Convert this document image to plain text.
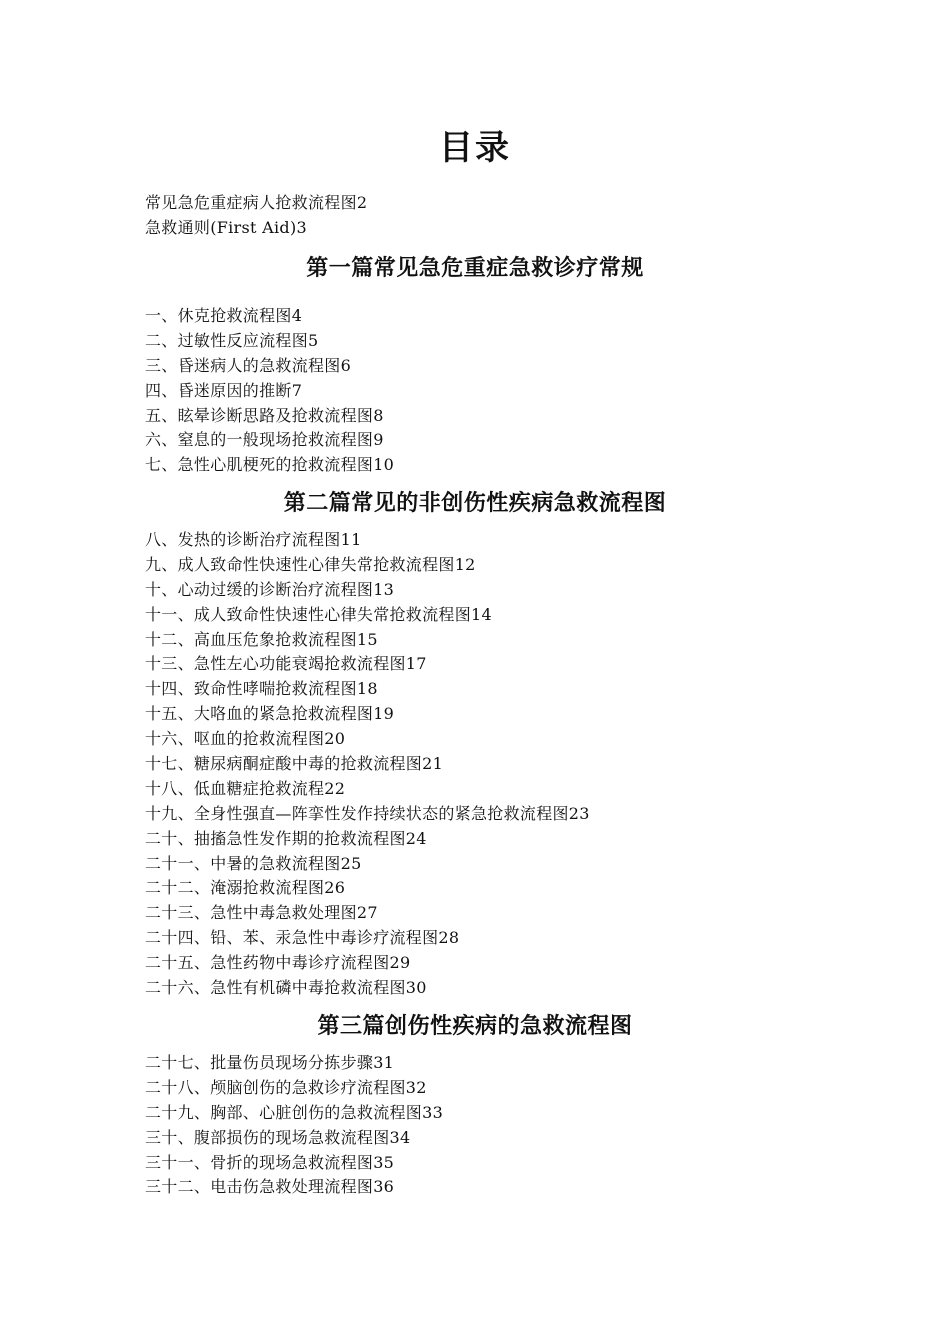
目录
常见急危重症病人抢救流程图2
急救通则(First Aid)3
第一篇常见急危重症急救诊疗常规
一、休克抢救流程图4
二、过敏性反应流程图5
三、昏迷病人的急救流程图6
四、昏迷原因的推断7
五、眩晕诊断思路及抢救流程图8
六、窒息的一般现场抢救流程图9
七、急性心肌梗死的抢救流程图10
第二篇常见的非创伤性疾病急救流程图
八、发热的诊断治疗流程图11
九、成人致命性快速性心律失常抢救流程图12
十、心动过缓的诊断治疗流程图13
十一、成人致命性快速性心律失常抢救流程图14
十二、高血压危象抢救流程图15
十三、急性左心功能衰竭抢救流程图17
十四、致命性哮喘抢救流程图18
十五、大咯血的紧急抢救流程图19
十六、呕血的抢救流程图20
十七、糖尿病酮症酸中毒的抢救流程图21
十八、低血糖症抢救流程22
十九、全身性强直—阵挛性发作持续状态的紧急抢救流程图23
二十、抽搐急性发作期的抢救流程图24
二十一、中暑的急救流程图25
二十二、淹溺抢救流程图26
二十三、急性中毒急救处理图27
二十四、铅、苯、汞急性中毒诊疗流程图28
二十五、急性药物中毒诊疗流程图29
二十六、急性有机磷中毒抢救流程图30
第三篇创伤性疾病的急救流程图
二十七、批量伤员现场分拣步骤31
二十八、颅脑创伤的急救诊疗流程图32
二十九、胸部、心脏创伤的急救流程图33
三十、腹部损伤的现场急救流程图34
三十一、骨折的现场急救流程图35
三十二、电击伤急救处理流程图36
